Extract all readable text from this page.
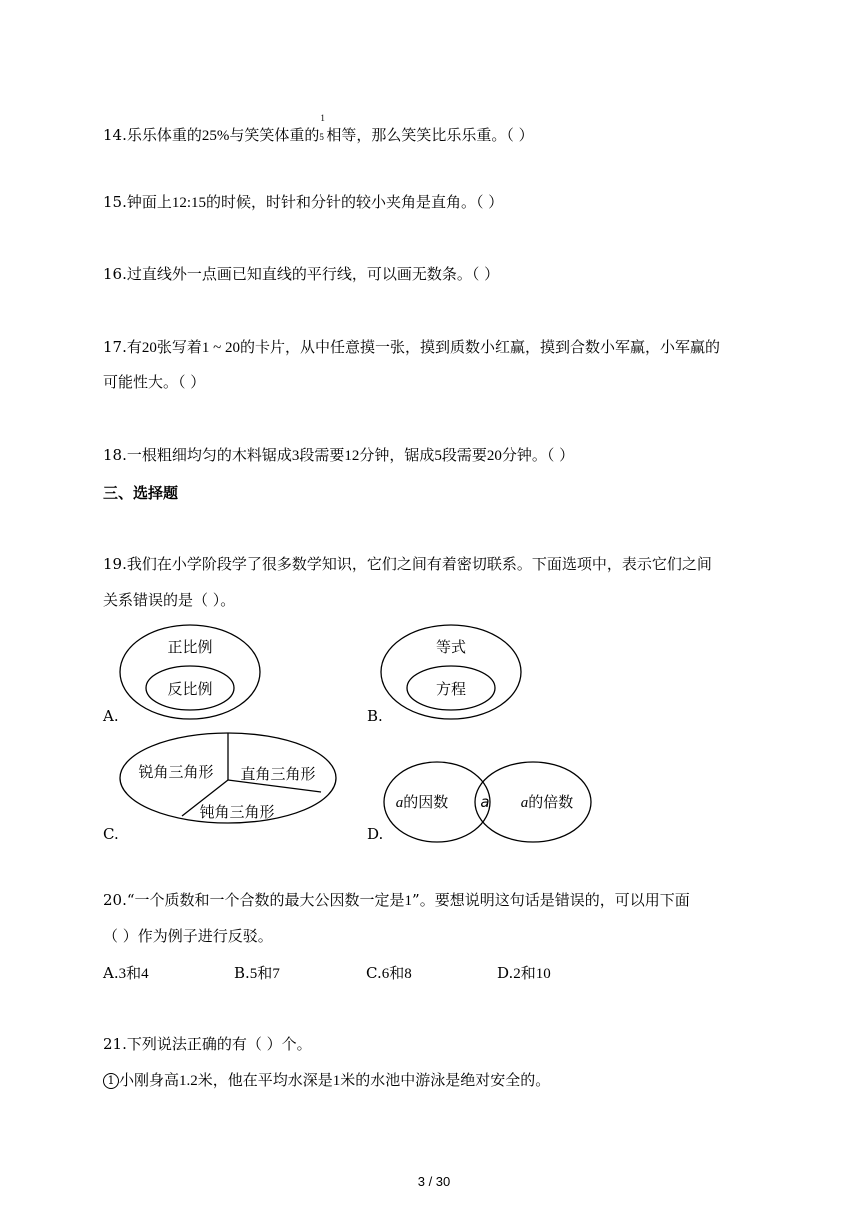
14.乐乐体重的25%与笑笑体重的
1
5 相等，那么笑笑比乐乐重。（ ）
15.钟面上12:15的时候，时针和分针的较小夹角是直角。（ ）
16.过直线外一点画已知直线的平行线，可以画无数条。（ ）
17.有20张写着1 ~ 20的卡片，从中任意摸一张，摸到质数小红赢，摸到合数小军赢，小军赢的
可能性大。（ ）
18.一根粗细均匀的木料锯成3段需要12分钟，锯成5段需要20分钟。（ ）
三、选择题
19.我们在小学阶段学了很多数学知识，它们之间有着密切联系。下面选项中，表示它们之间
关系错误的是（ ）。
正比例
反比例
等式
方程
锐角三角形 直角三角形
钝角三角形	a的因数 a a的倍数
A.	B.
C.	D.
20.“一个质数和一个合数的最大公因数一定是1”。要想说明这句话是错误的，可以用下面
（ ）作为例子进行反驳。
A.3和4	B.5和7	C.6和8	D.2和10
21.下列说法正确的有（ ）个。
1 小刚身高1.2米，他在平均水深是1米的水池中游泳是绝对安全的。
3 / 30
